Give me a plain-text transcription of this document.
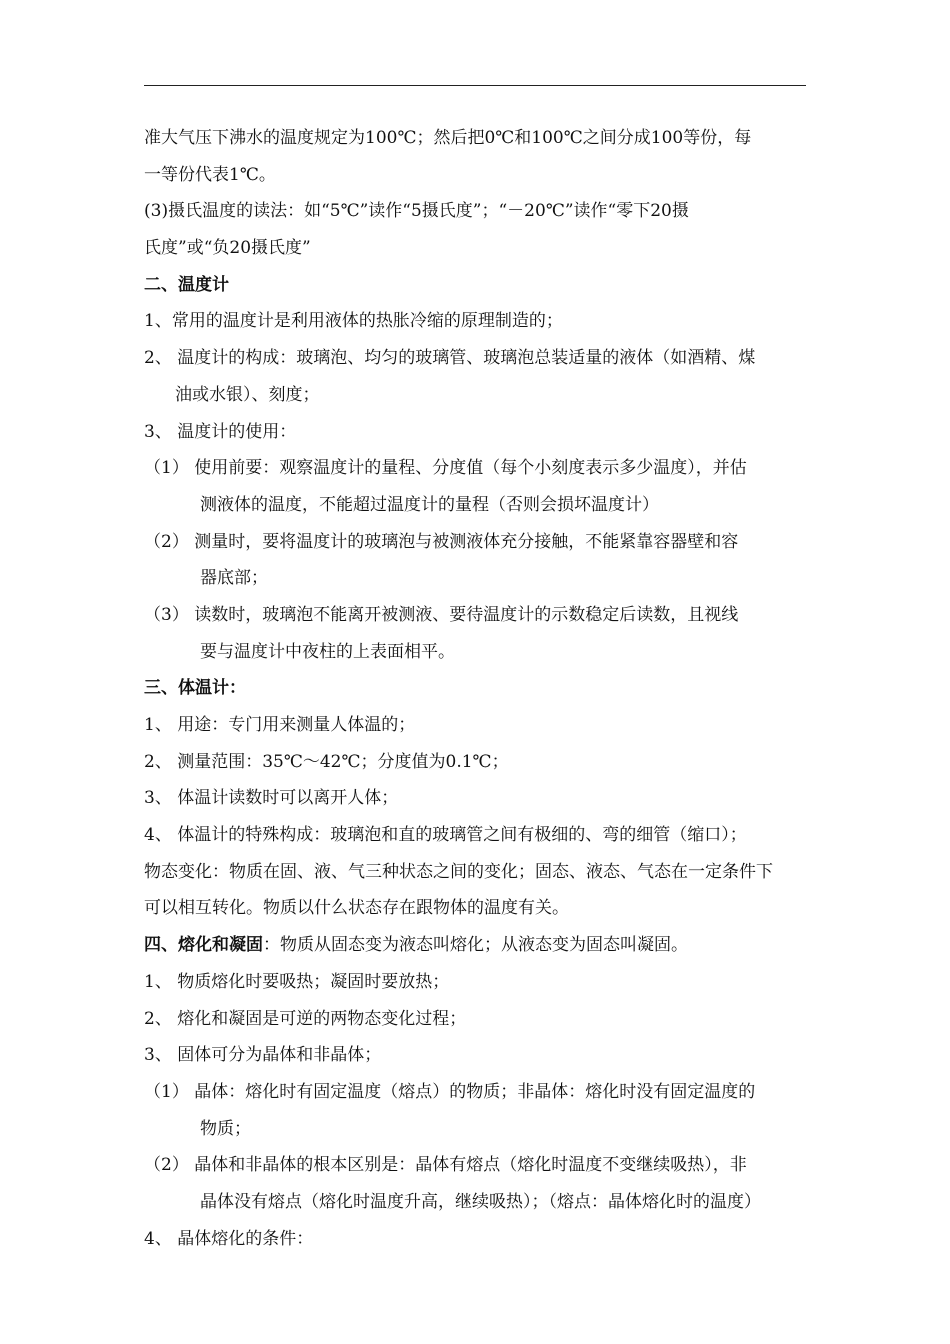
准大气压下沸水的温度规定为100℃；然后把0℃和100℃之间分成100等份，每
一等份代表1℃。
(3)摄氏温度的读法：如“5℃”读作“5摄氏度”；“－20℃”读作“零下20摄
氏度”或“负20摄氏度”
二、温度计
1、常用的温度计是利用液体的热胀冷缩的原理制造的；
2、 温度计的构成：玻璃泡、均匀的玻璃管、玻璃泡总装适量的液体（如酒精、煤
油或水银）、刻度；
3、 温度计的使用：
（1） 使用前要：观察温度计的量程、分度值（每个小刻度表示多少温度），并估
测液体的温度，不能超过温度计的量程（否则会损坏温度计）
（2） 测量时，要将温度计的玻璃泡与被测液体充分接触，不能紧靠容器壁和容
器底部；
（3） 读数时，玻璃泡不能离开被测液、要待温度计的示数稳定后读数，且视线
要与温度计中夜柱的上表面相平。
三、体温计：
1、 用途：专门用来测量人体温的；
2、 测量范围：35℃～42℃；分度值为0.1℃；
3、 体温计读数时可以离开人体；
4、 体温计的特殊构成：玻璃泡和直的玻璃管之间有极细的、弯的细管（缩口）；
物态变化：物质在固、液、气三种状态之间的变化；固态、液态、气态在一定条件下
可以相互转化。物质以什么状态存在跟物体的温度有关。
四、熔化和凝固：物质从固态变为液态叫熔化；从液态变为固态叫凝固。
1、 物质熔化时要吸热；凝固时要放热；
2、 熔化和凝固是可逆的两物态变化过程；
3、 固体可分为晶体和非晶体；
（1） 晶体：熔化时有固定温度（熔点）的物质；非晶体：熔化时没有固定温度的
物质；
（2） 晶体和非晶体的根本区别是：晶体有熔点（熔化时温度不变继续吸热），非
晶体没有熔点（熔化时温度升高，继续吸热）；（熔点：晶体熔化时的温度）
4、 晶体熔化的条件：
